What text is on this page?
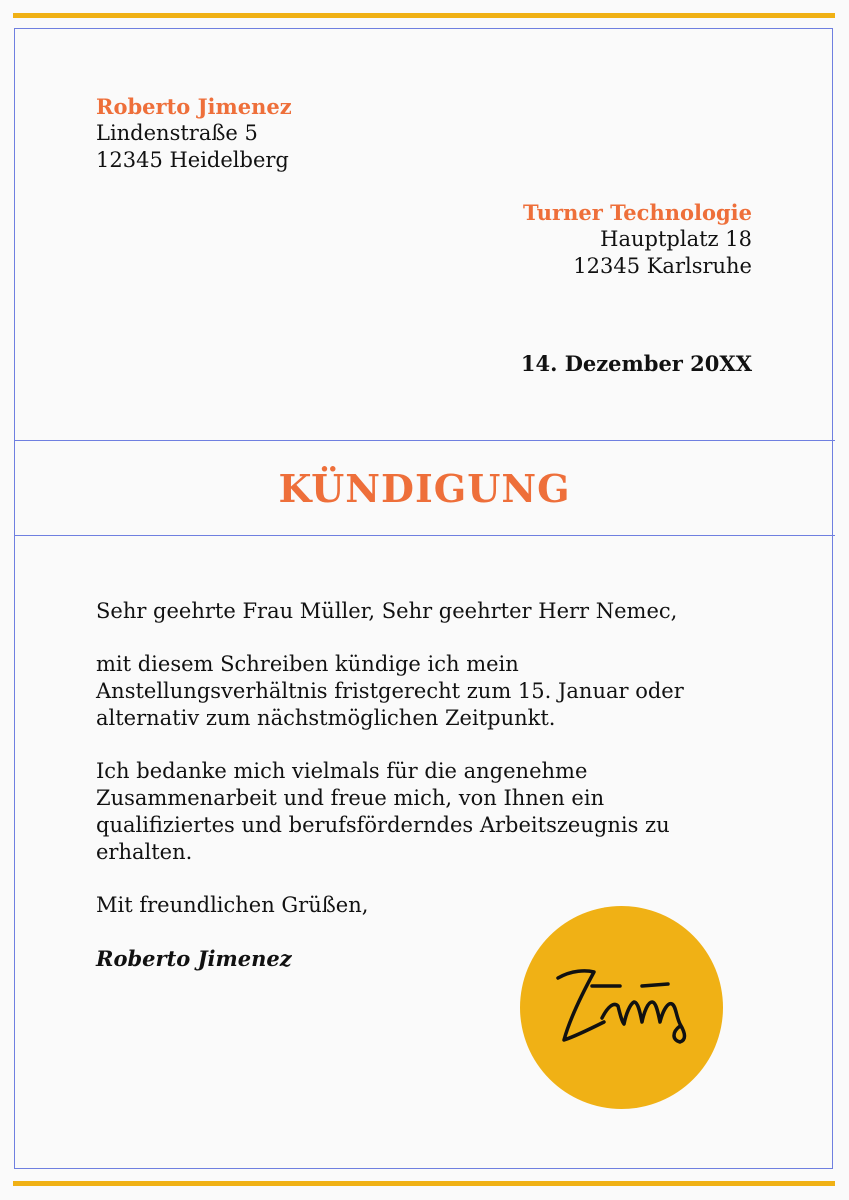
Roberto Jimenez
Lindenstraße 5
12345 Heidelberg
Turner Technologie
Hauptplatz 18
12345 Karlsruhe
14. Dezember 20XX
KÜNDIGUNG

Sehr geehrte Frau Müller, Sehr geehrter Herr Nemec,

mit diesem Schreiben kündige ich mein Anstellungsverhältnis fristgerecht zum 15. Januar oder alternativ zum nächstmöglichen Zeitpunkt.

Ich bedanke mich vielmals für die angenehme Zusammenarbeit und freue mich, von Ihnen ein qualifiziertes und berufsförderndes Arbeitszeugnis zu erhalten.

Mit freundlichen Grüßen,

Roberto Jimenez
